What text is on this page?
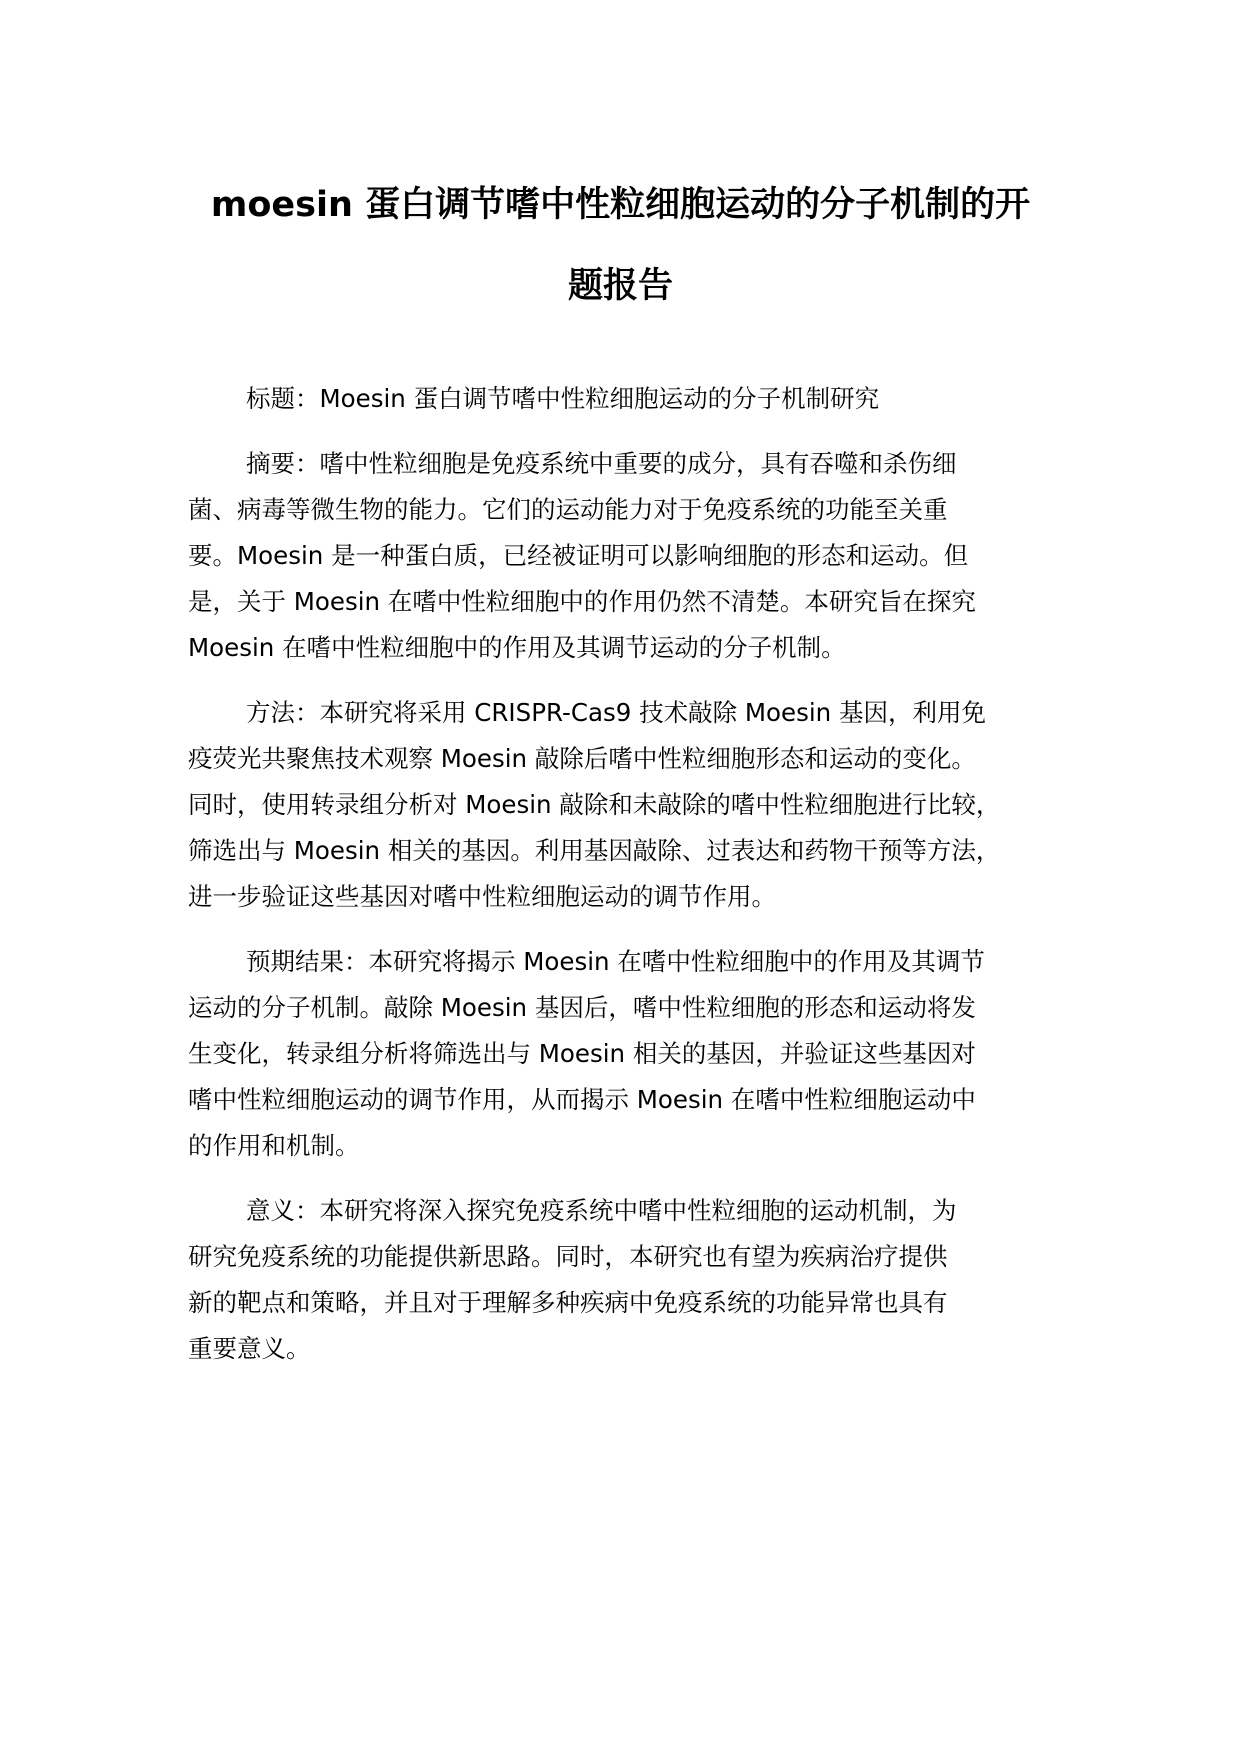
moesin 蛋白调节嗜中性粒细胞运动的分子机制的开
题报告

标题：Moesin 蛋白调节嗜中性粒细胞运动的分子机制研究

摘要：嗜中性粒细胞是免疫系统中重要的成分，具有吞噬和杀伤细
菌、病毒等微生物的能力。它们的运动能力对于免疫系统的功能至关重
要。Moesin 是一种蛋白质，已经被证明可以影响细胞的形态和运动。但
是，关于 Moesin 在嗜中性粒细胞中的作用仍然不清楚。本研究旨在探究
Moesin 在嗜中性粒细胞中的作用及其调节运动的分子机制。

方法：本研究将采用 CRISPR-Cas9 技术敲除 Moesin 基因，利用免
疫荧光共聚焦技术观察 Moesin 敲除后嗜中性粒细胞形态和运动的变化。
同时，使用转录组分析对 Moesin 敲除和未敲除的嗜中性粒细胞进行比较，
筛选出与 Moesin 相关的基因。利用基因敲除、过表达和药物干预等方法，
进一步验证这些基因对嗜中性粒细胞运动的调节作用。

预期结果：本研究将揭示 Moesin 在嗜中性粒细胞中的作用及其调节
运动的分子机制。敲除 Moesin 基因后，嗜中性粒细胞的形态和运动将发
生变化，转录组分析将筛选出与 Moesin 相关的基因，并验证这些基因对
嗜中性粒细胞运动的调节作用，从而揭示 Moesin 在嗜中性粒细胞运动中
的作用和机制。

意义：本研究将深入探究免疫系统中嗜中性粒细胞的运动机制，为
研究免疫系统的功能提供新思路。同时，本研究也有望为疾病治疗提供
新的靶点和策略，并且对于理解多种疾病中免疫系统的功能异常也具有
重要意义。
